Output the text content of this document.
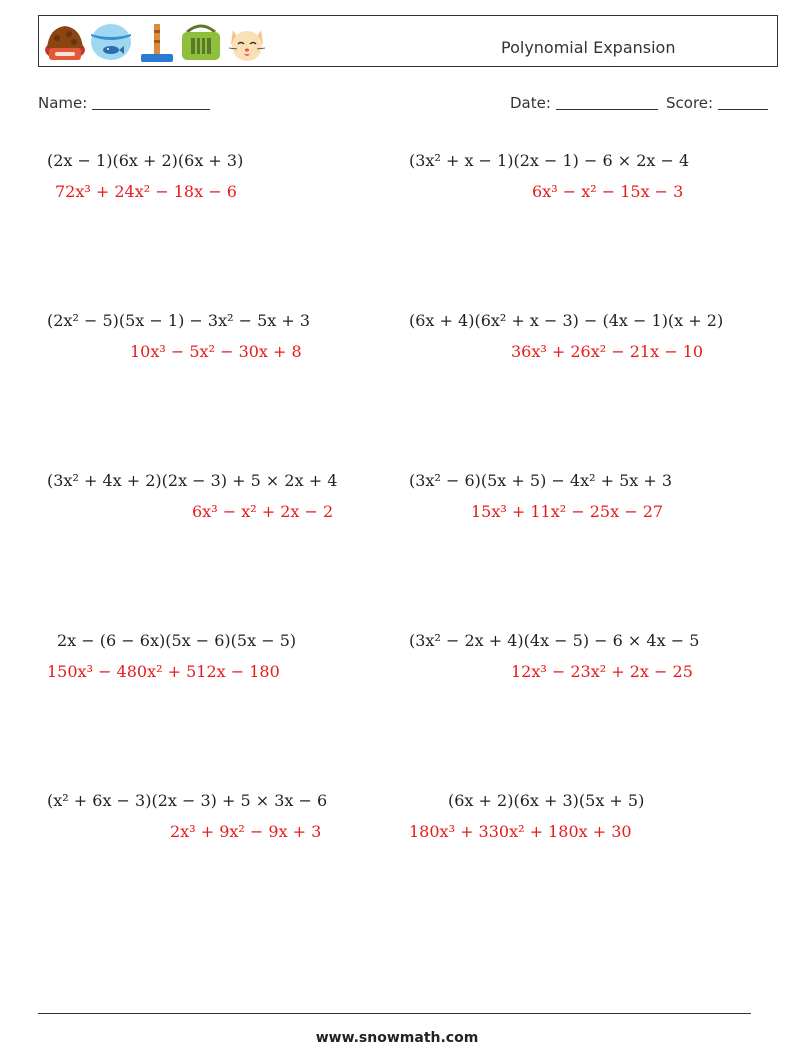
Polynomial Expansion
Name:	Date:	Score:
(2x − 1)(6x + 2)(6x + 3)
72x³ + 24x² − 18x − 6
(3x² + x − 1)(2x − 1) − 6 × 2x − 4
6x³ − x² − 15x − 3
(2x² − 5)(5x − 1) − 3x² − 5x + 3
10x³ − 5x² − 30x + 8
(6x + 4)(6x² + x − 3) − (4x − 1)(x + 2)
36x³ + 26x² − 21x − 10
(3x² + 4x + 2)(2x − 3) + 5 × 2x + 4
6x³ − x² + 2x − 2
(3x² − 6)(5x + 5) − 4x² + 5x + 3
15x³ + 11x² − 25x − 27
2x − (6 − 6x)(5x − 6)(5x − 5)
150x³ − 480x² + 512x − 180
(3x² − 2x + 4)(4x − 5) − 6 × 4x − 5
12x³ − 23x² + 2x − 25
(x² + 6x − 3)(2x − 3) + 5 × 3x − 6
2x³ + 9x² − 9x + 3
(6x + 2)(6x + 3)(5x + 5)
180x³ + 330x² + 180x + 30
www.snowmath.com
